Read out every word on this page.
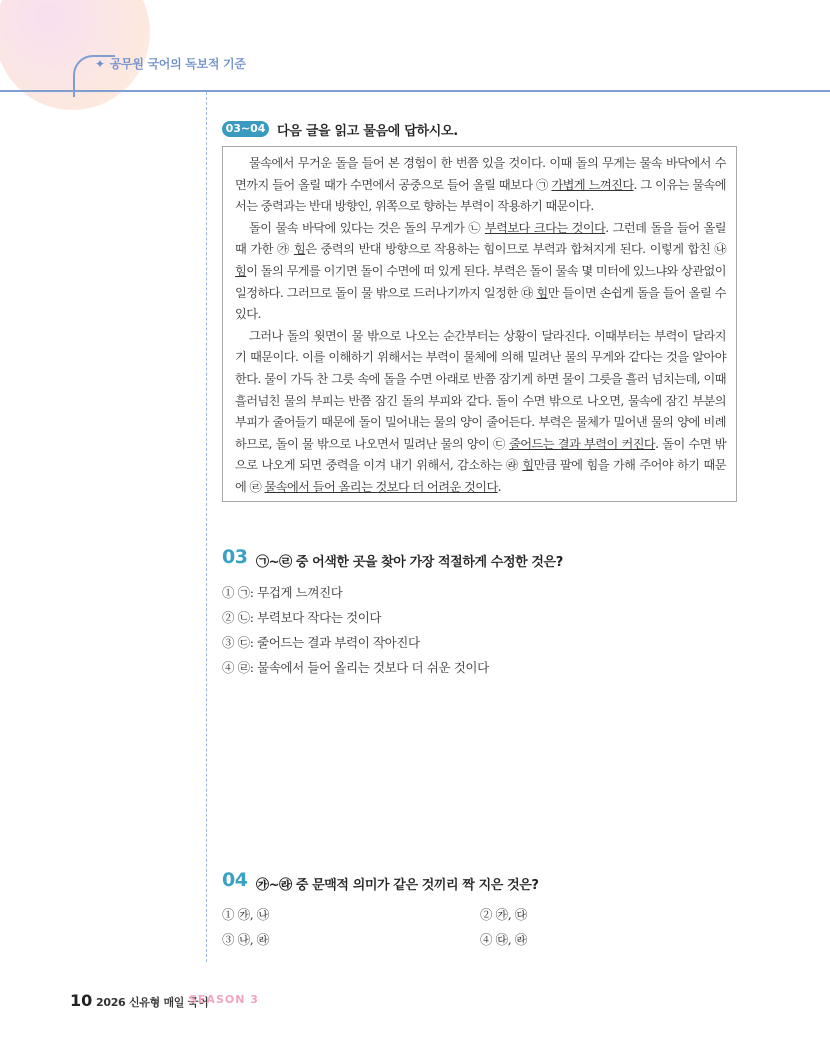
✦ 공무원 국어의 독보적 기준
03~04 다음 글을 읽고 물음에 답하시오.

물속에서 무거운 돌을 들어 본 경험이 한 번쯤 있을 것이다. 이때 돌의 무게는 물속 바닥에서 수면까지 들어 올릴 때가 수면에서 공중으로 들어 올릴 때보다 ㉠ 가볍게 느껴진다. 그 이유는 물속에서는 중력과는 반대 방향인, 위쪽으로 향하는 부력이 작용하기 때문이다.

돌이 물속 바닥에 있다는 것은 돌의 무게가 ㉡ 부력보다 크다는 것이다. 그런데 돌을 들어 올릴 때 가한 ㉮ 힘은 중력의 반대 방향으로 작용하는 힘이므로 부력과 합쳐지게 된다. 이렇게 합친 ㉯ 힘이 돌의 무게를 이기면 돌이 수면에 떠 있게 된다. 부력은 돌이 물속 몇 미터에 있느냐와 상관없이 일정하다. 그러므로 돌이 물 밖으로 드러나기까지 일정한 ㉰ 힘만 들이면 손쉽게 돌을 들어 올릴 수 있다.

그러나 돌의 윗면이 물 밖으로 나오는 순간부터는 상황이 달라진다. 이때부터는 부력이 달라지기 때문이다. 이를 이해하기 위해서는 부력이 물체에 의해 밀려난 물의 무게와 같다는 것을 알아야 한다. 물이 가득 찬 그릇 속에 돌을 수면 아래로 반쯤 잠기게 하면 물이 그릇을 흘러 넘치는데, 이때 흘러넘친 물의 부피는 반쯤 잠긴 돌의 부피와 같다. 돌이 수면 밖으로 나오면, 물속에 잠긴 부분의 부피가 줄어들기 때문에 돌이 밀어내는 물의 양이 줄어든다. 부력은 물체가 밀어낸 물의 양에 비례하므로, 돌이 물 밖으로 나오면서 밀려난 물의 양이 ㉢ 줄어드는 결과 부력이 커진다. 돌이 수면 밖으로 나오게 되면 중력을 이겨 내기 위해서, 감소하는 ㉱ 힘만큼 팔에 힘을 가해 주어야 하기 때문에 ㉣ 물속에서 들어 올리는 것보다 더 어려운 것이다.

03 ㉠~㉣ 중 어색한 곳을 찾아 가장 적절하게 수정한 것은?
① ㉠: 무겁게 느껴진다
② ㉡: 부력보다 작다는 것이다
③ ㉢: 줄어드는 결과 부력이 작아진다
④ ㉣: 물속에서 들어 올리는 것보다 더 쉬운 것이다
04 ㉮~㉱ 중 문맥적 의미가 같은 것끼리 짝 지은 것은?
① ㉮, ㉯	② ㉮, ㉰
③ ㉯, ㉱	④ ㉰, ㉱
10 2026 신유형 매일 국어
SEASON 3
